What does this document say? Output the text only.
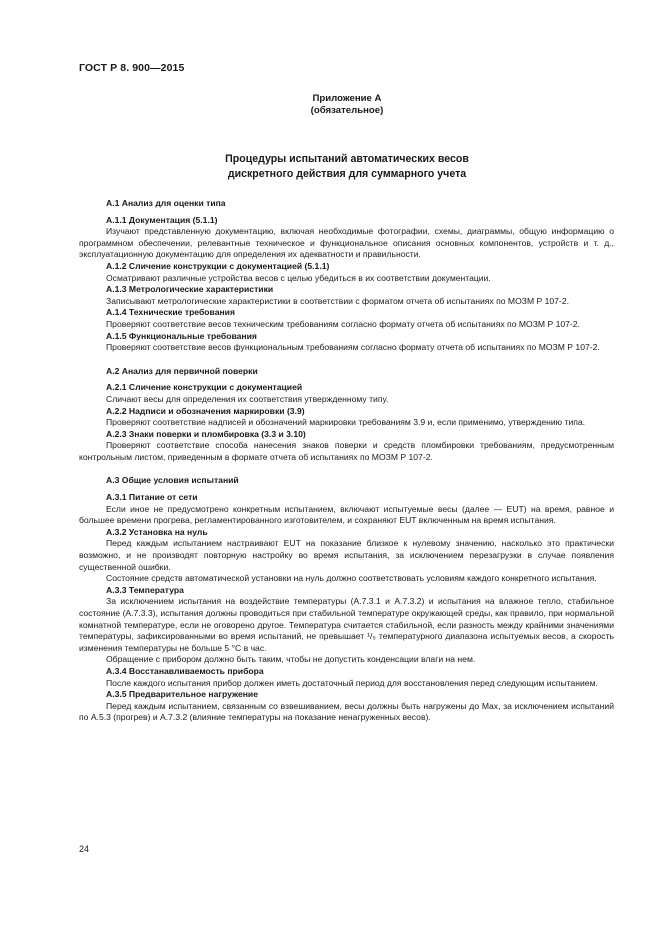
ГОСТ Р 8. 900—2015
Приложение А
(обязательное)
Процедуры испытаний автоматических весов
дискретного действия для суммарного учета

А.1 Анализ для оценки типа

А.1.1 Документация (5.1.1)

Изучают представленную документацию, включая необходимые фотографии, схемы, диаграммы, общую информацию о программном обеспечении, релевантные техническое и функциональное описания основных компонентов, устройств и т. д., эксплуатационную документацию для определения их адекватности и правильности.

А.1.2 Сличение конструкции с документацией (5.1.1)

Осматривают различные устройства весов с целью убедиться в их соответствии документации.

А.1.3 Метрологические характеристики

Записывают метрологические характеристики в соответствии с форматом отчета об испытаниях по МОЗМ Р 107-2.

А.1.4 Технические требования

Проверяют соответствие весов техническим требованиям согласно формату отчета об испытаниях по МОЗМ Р 107-2.

А.1.5 Функциональные требования

Проверяют соответствие весов функциональным требованиям согласно формату отчета об испытаниях по МОЗМ Р 107-2.

А.2 Анализ для первичной поверки

А.2.1 Сличение конструкции с документацией

Сличают весы для определения их соответствия утвержденному типу.

А.2.2 Надписи и обозначения маркировки (3.9)

Проверяют соответствие надписей и обозначений маркировки требованиям 3.9 и, если применимо, утверждению типа.

А.2.3 Знаки поверки и пломбировка (3.3 и 3.10)

Проверяют соответствие способа нанесения знаков поверки и средств пломбировки требованиям, предусмотренным контрольным листом, приведенным в формате отчета об испытаниях по МОЗМ Р 107-2.

А.3 Общие условия испытаний

А.3.1 Питание от сети

Если иное не предусмотрено конкретным испытанием, включают испытуемые весы (далее — EUT) на время, равное и большее времени прогрева, регламентированного изготовителем, и сохраняют EUT включенным на время испытания.

А.3.2 Установка на нуль

Перед каждым испытанием настраивают EUT на показание близкое к нулевому значению, насколько это практически возможно, и не производят повторную настройку во время испытания, за исключением перезагрузки в случае появления существенной ошибки.

Состояние средств автоматической установки на нуль должно соответствовать условиям каждого конкретного испытания.

А.3.3 Температура

За исключением испытания на воздействие температуры (А.7.3.1 и А.7.3.2) и испытания на влажное тепло, стабильное состояние (А.7.3.3), испытания должны проводиться при стабильной температуре окружающей среды, как правило, при нормальной комнатной температуре, если не оговорено другое. Температура считается стабильной, если разность между крайними значениями температуры, зафиксированными во время испытаний, не превышает ¹/₅ температурного диапазона испытуемых весов, а скорость изменения температуры не больше 5 °С в час.

Обращение с прибором должно быть таким, чтобы не допустить конденсации влаги на нем.

А.3.4 Восстанавливаемость прибора

После каждого испытания прибор должен иметь достаточный период для восстановления перед следующим испытанием.

А.3.5 Предварительное нагружение

Перед каждым испытанием, связанным со взвешиванием, весы должны быть нагружены до Max, за исключением испытаний по А.5.3 (прогрев) и А.7.3.2 (влияние температуры на показание ненагруженных весов).

24
